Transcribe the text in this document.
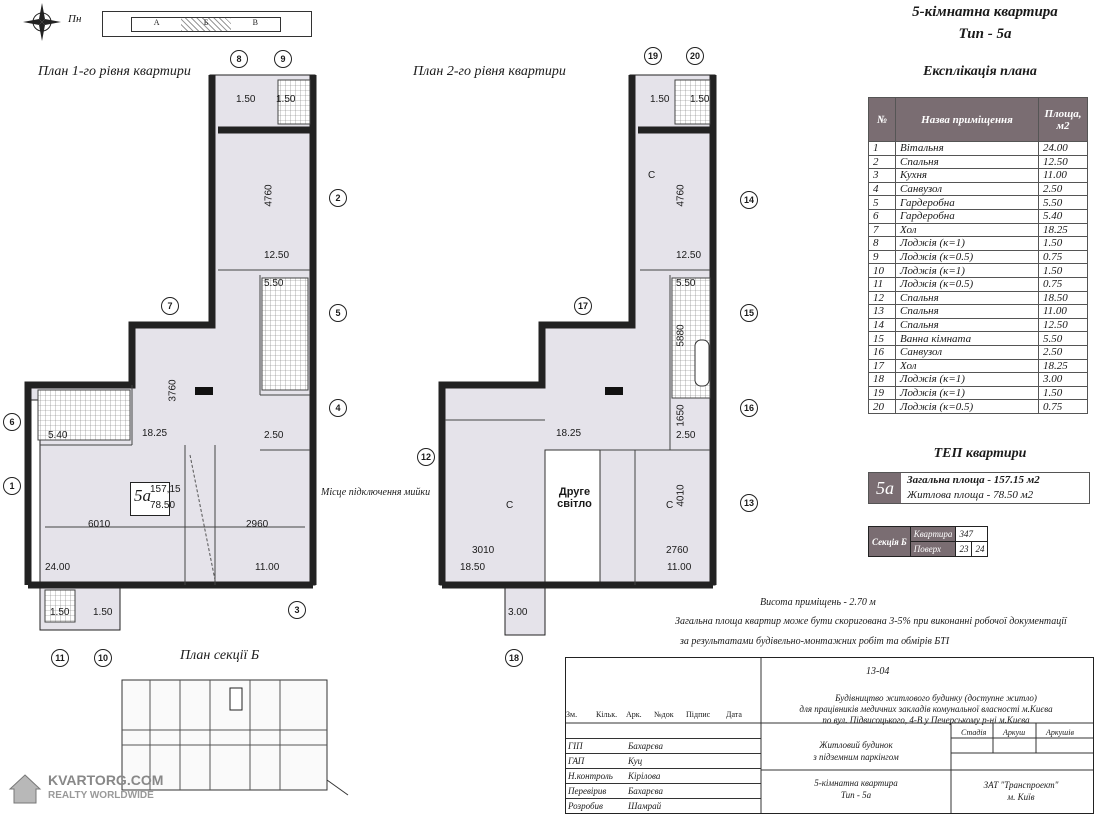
Пн	А	Б	В
5-кімнатна квартира
Тип - 5а
План 1-го рівня квартири
1.50 1.50
12.50
5.50
5.40	18.25	2.50
24.00	11.00
1.50 1.50
4760
3760
6010	2960
5а 157,15
78.50
Місце підключення мийки
8	9
2
7
5
6
4
1
3
11	10
План 2-го рівня квартири
1.50 1.50
12.50
5.50
2.50
18.25
18.50	11.00
3.00
4760
5880
4010
3010	2760
1650
Друге світло
С
С	С
19	20
14
17
15
16
12
13
18
Експлікація плана
№	Назва приміщення	Площа, м2
1	Вітальня	24.00
2	Спальня	12.50
3	Кухня	11.00
4	Санвузол	2.50
5	Гардеробна	5.50
6	Гардеробна	5.40
7	Хол	18.25
8	Лоджія (к=1)	1.50
9	Лоджія (к=0.5)	0.75
10	Лоджія (к=1)	1.50
11	Лоджія (к=0.5)	0.75
12	Спальня	18.50
13	Спальня	11.00
14	Спальня	12.50
15	Ванна кімната	5.50
16	Санвузол	2.50
17	Хол	18.25
18	Лоджія (к=1)	3.00
19	Лоджія (к=1)	1.50
20	Лоджія (к=0.5)	0.75
ТЕП квартири
5а	Загальна площа - 157.15 м2
Житлова площа - 78.50 м2
Секція Б	Квартира	347	
	Поверх	23	24
Висота приміщень - 2.70 м
Загальна площа квартир може бути скоригована 3-5% при виконанні робочої документації
за результатами будівельно-монтажних робіт та обмірів БТІ
План секції Б
13-04
Будівництво житлового будинку (доступне житло)
для працівників медичних закладів комунальної власності м.Києва
по вул. Підвисоцького, 4-В у Печерському р-ні м.Києва
Зм.	Кільк.	Арк.	№док	Підпис	Дата
Житловий будинок
з підземним паркінгом
Стадія Аркуш	Аркушів
5-кімнатна квартира
Тип - 5а
ЗАТ "Транспроект"
м. Київ
ГІП	Бахарєва
ГАП	Куц
Н.контроль Кірілова
Перевірив Бахарєва
Розробив	Шамрай
KVARTORG.COM
REALTY WORLDWIDE
